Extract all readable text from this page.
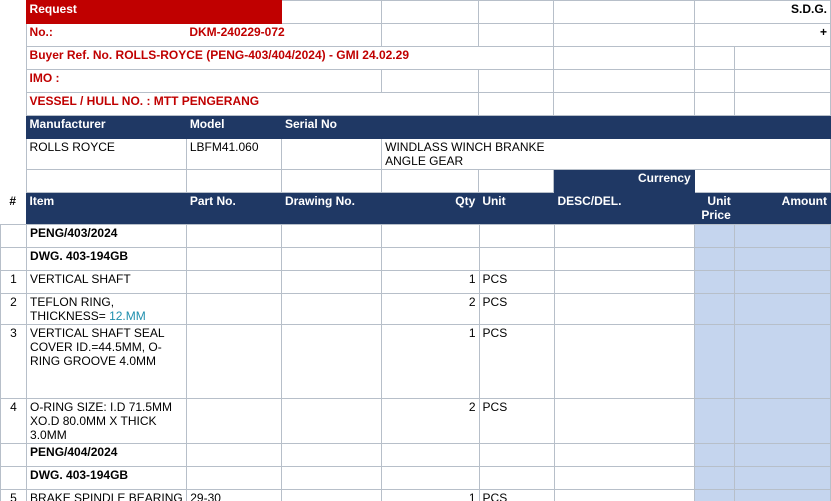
	Request						S.D.G.	
	No.:	DKM-240229-072					+	
	Buyer Ref. No. ROLLS-ROYCE (PENG-403/404/2024) - GMI 24.02.29							
	IMO :							
	VESSEL / HULL NO. : MTT PENGERANG							
	Manufacturer	Model	Serial No					
	ROLLS ROYCE	LBFM41.060		WINDLASS WINCH BRANKE ANGLE GEAR				
						Currency		
#	Item	Part No.	Drawing No.	Qty	Unit	DESC/DEL.	Unit Price	Amount
	PENG/403/2024							
	DWG. 403-194GB							
1	VERTICAL SHAFT			1	PCS			
2	TEFLON RING, THICKNESS= 12.MM			2	PCS			
3	VERTICAL SHAFT SEAL COVER ID.=44.5MM, O-RING GROOVE 4.0MM			1	PCS			
4	O-RING SIZE: I.D 71.5MM XO.D 80.0MM X THICK 3.0MM			2	PCS			
	PENG/404/2024							
	DWG. 403-194GB							
5	BRAKE SPINDLE BEARING	29-30		1	PCS			
